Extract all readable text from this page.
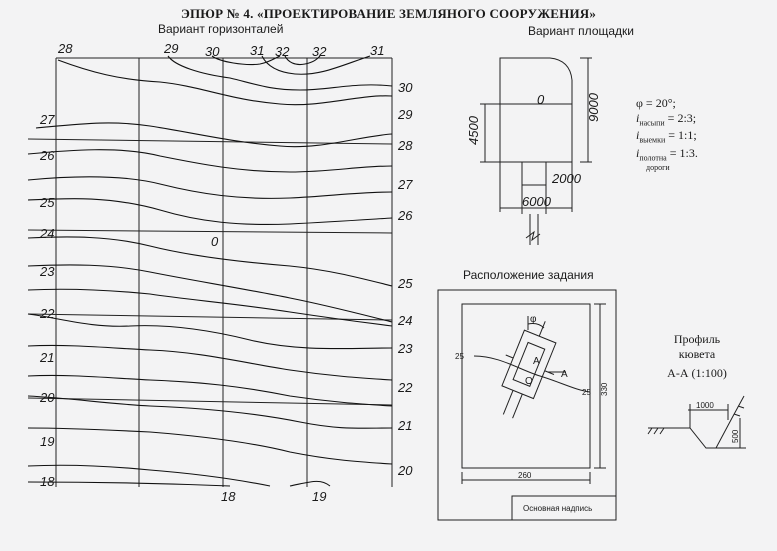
ЭПЮР № 4. «ПРОЕКТИРОВАНИЕ ЗЕМЛЯНОГО СООРУЖЕНИЯ»
Вариант горизонталей
28	29 30 31 32 32	31
27
26
25
24
23
22
21
20
19
18
30
29
28
27
26
25
24
23
22
21
20
18	19
0
Вариант площадки
0	9000
4500
2000
6000
φ = 20°;
$i_{насыпи}$ = 2:3;
$i_{выемки}$ = 1:1;
$i_{полотна}$ = 1:3.
дороги
Расположение задания
φ
25
25
A
A
O
330
260
Основная надпись
Профиль
кювета
А-А (1:100)
1000
500
